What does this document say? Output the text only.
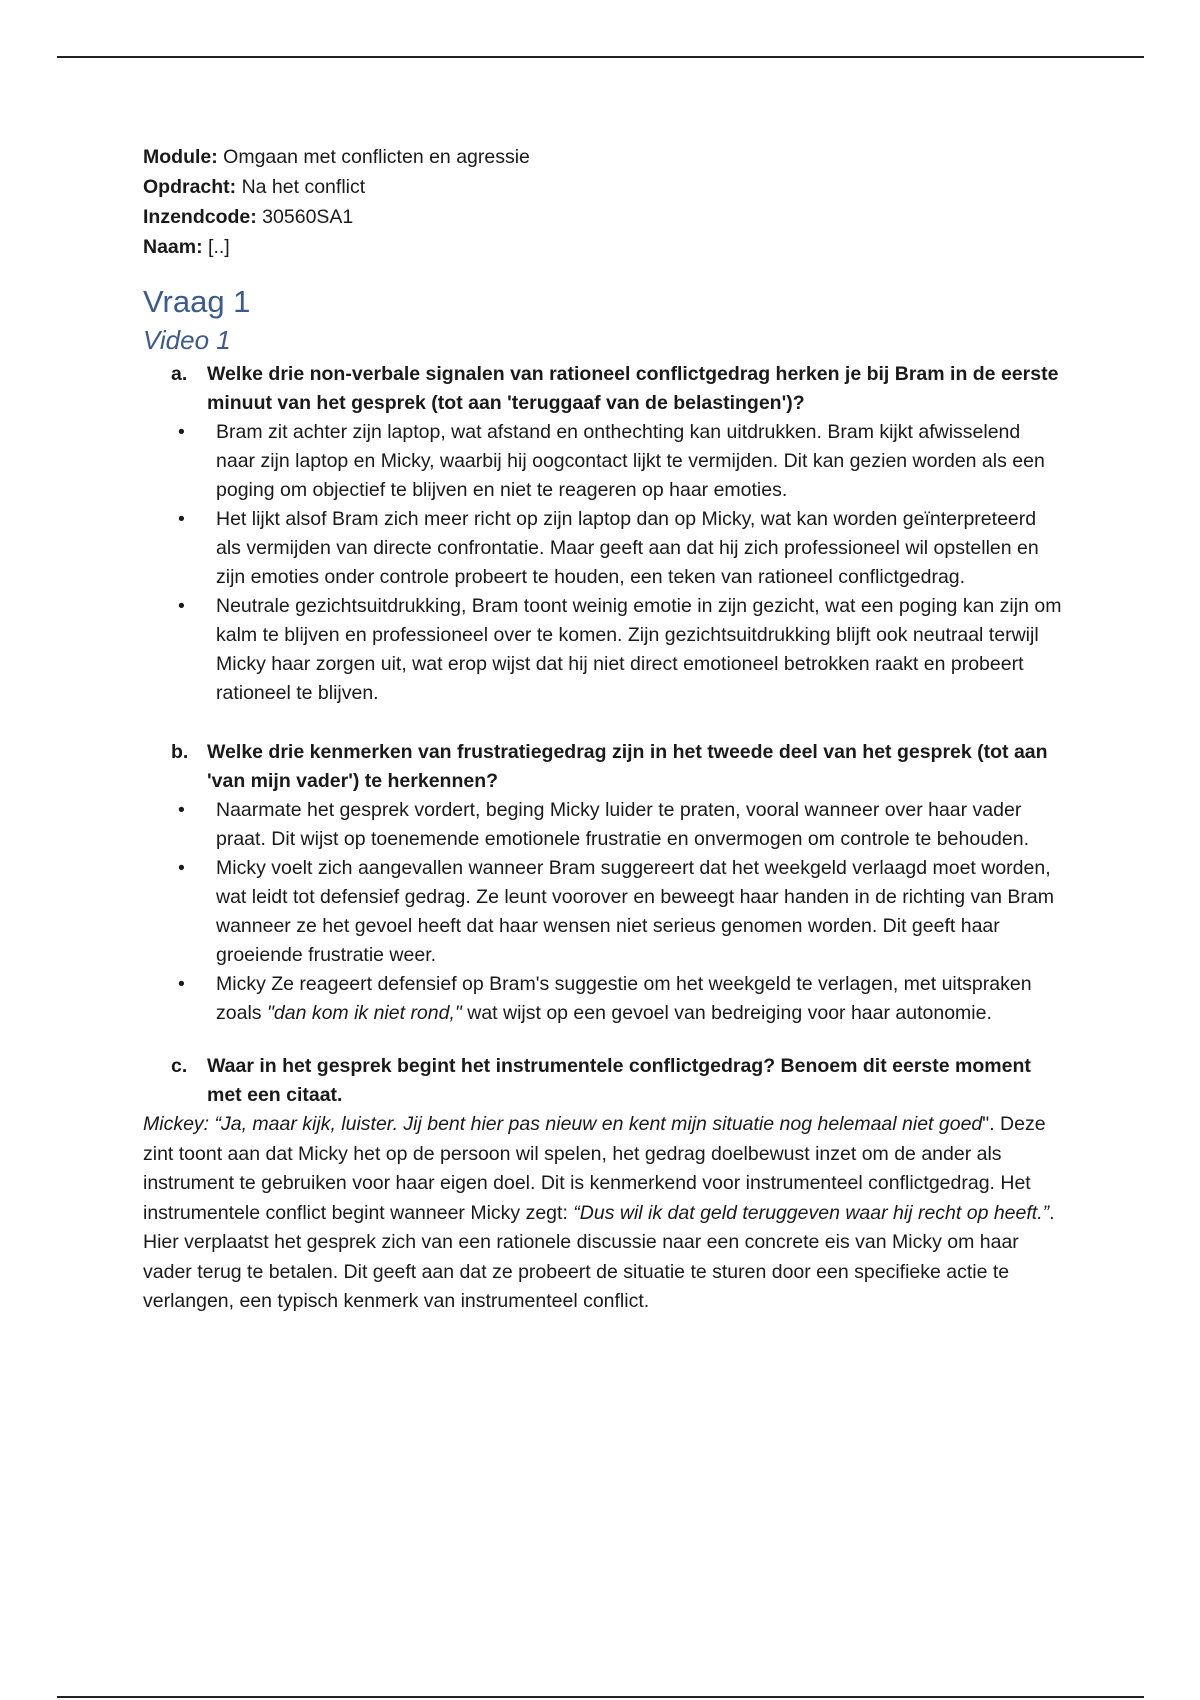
Module: Omgaan met conflicten en agressie
Opdracht: Na het conflict
Inzendcode: 30560SA1
Naam: [..]
Vraag 1
Video 1
a.	Welke drie non-verbale signalen van rationeel conflictgedrag herken je bij Bram in de eerste minuut van het gesprek (tot aan 'teruggaaf van de belastingen')?
• Bram zit achter zijn laptop, wat afstand en onthechting kan uitdrukken. Bram kijkt afwisselend naar zijn laptop en Micky, waarbij hij oogcontact lijkt te vermijden. Dit kan gezien worden als een poging om objectief te blijven en niet te reageren op haar emoties.
• Het lijkt alsof Bram zich meer richt op zijn laptop dan op Micky, wat kan worden geïnterpreteerd als vermijden van directe confrontatie. Maar geeft aan dat hij zich professioneel wil opstellen en zijn emoties onder controle probeert te houden, een teken van rationeel conflictgedrag.
• Neutrale gezichtsuitdrukking, Bram toont weinig emotie in zijn gezicht, wat een poging kan zijn om kalm te blijven en professioneel over te komen. Zijn gezichtsuitdrukking blijft ook neutraal terwijl Micky haar zorgen uit, wat erop wijst dat hij niet direct emotioneel betrokken raakt en probeert rationeel te blijven.
b. Welke drie kenmerken van frustratiegedrag zijn in het tweede deel van het gesprek (tot aan 'van mijn vader') te herkennen?
• Naarmate het gesprek vordert, beging Micky luider te praten, vooral wanneer over haar vader praat. Dit wijst op toenemende emotionele frustratie en onvermogen om controle te behouden.
• Micky voelt zich aangevallen wanneer Bram suggereert dat het weekgeld verlaagd moet worden, wat leidt tot defensief gedrag. Ze leunt voorover en beweegt haar handen in de richting van Bram wanneer ze het gevoel heeft dat haar wensen niet serieus genomen worden. Dit geeft haar groeiende frustratie weer.
• Micky Ze reageert defensief op Bram's suggestie om het weekgeld te verlagen, met uitspraken zoals "dan kom ik niet rond," wat wijst op een gevoel van bedreiging voor haar autonomie.
c.	Waar in het gesprek begint het instrumentele conflictgedrag? Benoem dit eerste moment met een citaat.
Mickey: “Ja, maar kijk, luister. Jij bent hier pas nieuw en kent mijn situatie nog helemaal niet goed". Deze zint toont aan dat Micky het op de persoon wil spelen, het gedrag doelbewust inzet om de ander als instrument te gebruiken voor haar eigen doel. Dit is kenmerkend voor instrumenteel conflictgedrag. Het instrumentele conflict begint wanneer Micky zegt: “Dus wil ik dat geld teruggeven waar hij recht op heeft.”. Hier verplaatst het gesprek zich van een rationele discussie naar een concrete eis van Micky om haar vader terug te betalen. Dit geeft aan dat ze probeert de situatie te sturen door een specifieke actie te verlangen, een typisch kenmerk van instrumenteel conflict.
